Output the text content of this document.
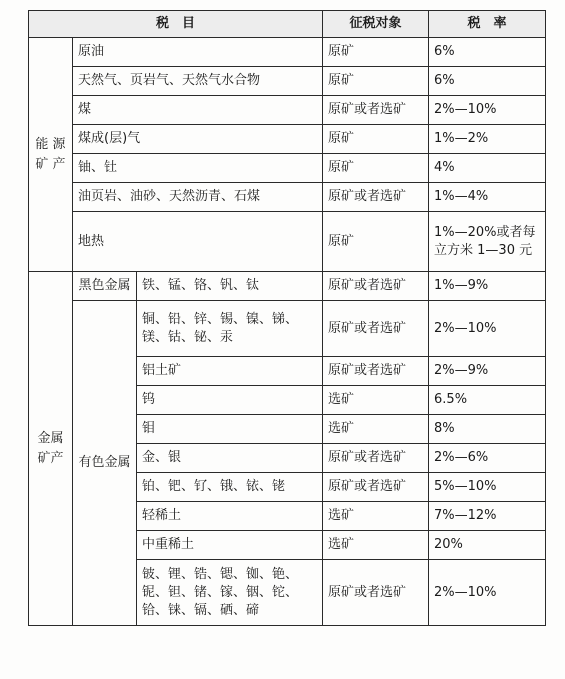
税　目			征税对象	税　率
能 源
矿 产	原油		原矿	6%
	天然气、页岩气、天然气水合物		原矿	6%
	煤		原矿或者选矿	2%—10%
	煤成(层)气		原矿	1%—2%
	铀、钍		原矿	4%
	油页岩、油砂、天然沥青、石煤		原矿或者选矿	1%—4%
	地热		原矿	1%—20%或者每立方米 1—30 元
金属
矿产	黑色金属	铁、锰、铬、钒、钛	原矿或者选矿	1%—9%
	有色金属	铜、铅、锌、锡、镍、锑、镁、钴、铋、汞	原矿或者选矿	2%—10%
		铝土矿	原矿或者选矿	2%—9%
		钨	选矿	6.5%
		钼	选矿	8%
		金、银	原矿或者选矿	2%—6%
		铂、钯、钌、锇、铱、铑	原矿或者选矿	5%—10%
		轻稀土	选矿	7%—12%
		中重稀土	选矿	20%
		铍、锂、锆、锶、铷、铯、铌、钽、锗、镓、铟、铊、铪、铼、镉、硒、碲	原矿或者选矿	2%—10%
